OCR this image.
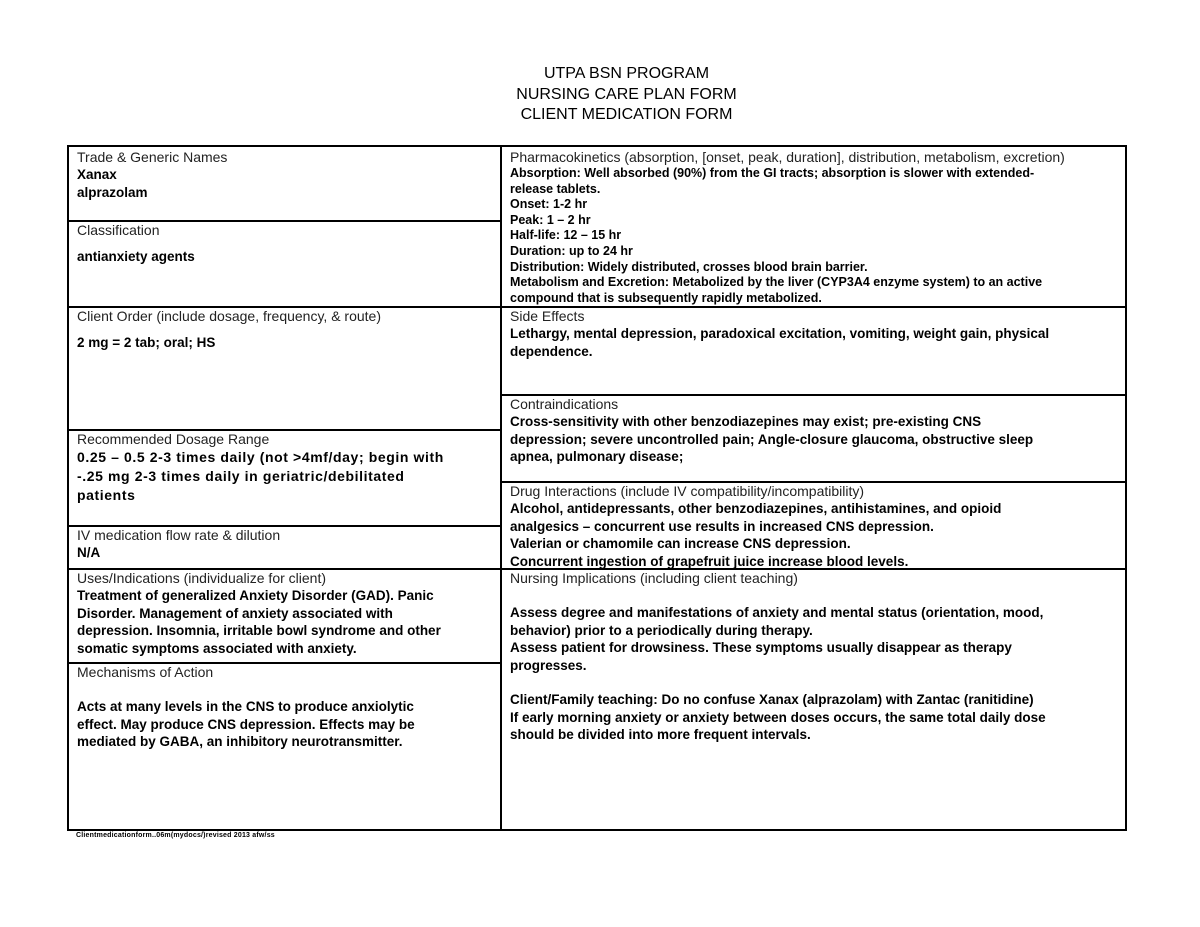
UTPA BSN PROGRAM
NURSING CARE PLAN FORM
CLIENT MEDICATION FORM
Trade & Generic Names
Xanax
alprazolam
Classification
antianxiety agents
Client Order (include dosage, frequency, & route)
2 mg = 2 tab; oral; HS
Recommended Dosage Range
0.25 – 0.5 2-3 times daily (not >4mf/day; begin with
-.25 mg 2-3 times daily in geriatric/debilitated
patients
IV medication flow rate & dilution
N/A
Uses/Indications (individualize for client)
Treatment of generalized Anxiety Disorder (GAD). Panic
Disorder. Management of anxiety associated with
depression. Insomnia, irritable bowl syndrome and other
somatic symptoms associated with anxiety.
Mechanisms of Action
Acts at many levels in the CNS to produce anxiolytic
effect. May produce CNS depression. Effects may be
mediated by GABA, an inhibitory neurotransmitter.
Pharmacokinetics (absorption, [onset, peak, duration], distribution, metabolism, excretion)
Absorption: Well absorbed (90%) from the GI tracts; absorption is slower with extended-
release tablets.
Onset: 1-2 hr
Peak: 1 – 2 hr
Half-life: 12 – 15 hr
Duration: up to 24 hr
Distribution: Widely distributed, crosses blood brain barrier.
Metabolism and Excretion: Metabolized by the liver (CYP3A4 enzyme system) to an active
compound that is subsequently rapidly metabolized.
Side Effects
Lethargy, mental depression, paradoxical excitation, vomiting, weight gain, physical
dependence.
Contraindications
Cross-sensitivity with other benzodiazepines may exist; pre-existing CNS
depression; severe uncontrolled pain; Angle-closure glaucoma, obstructive sleep
apnea, pulmonary disease;
Drug Interactions (include IV compatibility/incompatibility)
Alcohol, antidepressants, other benzodiazepines, antihistamines, and opioid
analgesics – concurrent use results in increased CNS depression.
Valerian or chamomile can increase CNS depression.
Concurrent ingestion of grapefruit juice increase blood levels.
Nursing Implications (including client teaching)
Assess degree and manifestations of anxiety and mental status (orientation, mood,
behavior) prior to a periodically during therapy.
Assess patient for drowsiness. These symptoms usually disappear as therapy
progresses.
Client/Family teaching: Do no confuse Xanax (alprazolam) with Zantac (ranitidine)
If early morning anxiety or anxiety between doses occurs, the same total daily dose
should be divided into more frequent intervals.
Clientmedicationform..06m(mydocs/)revised 2013 afw/ss
